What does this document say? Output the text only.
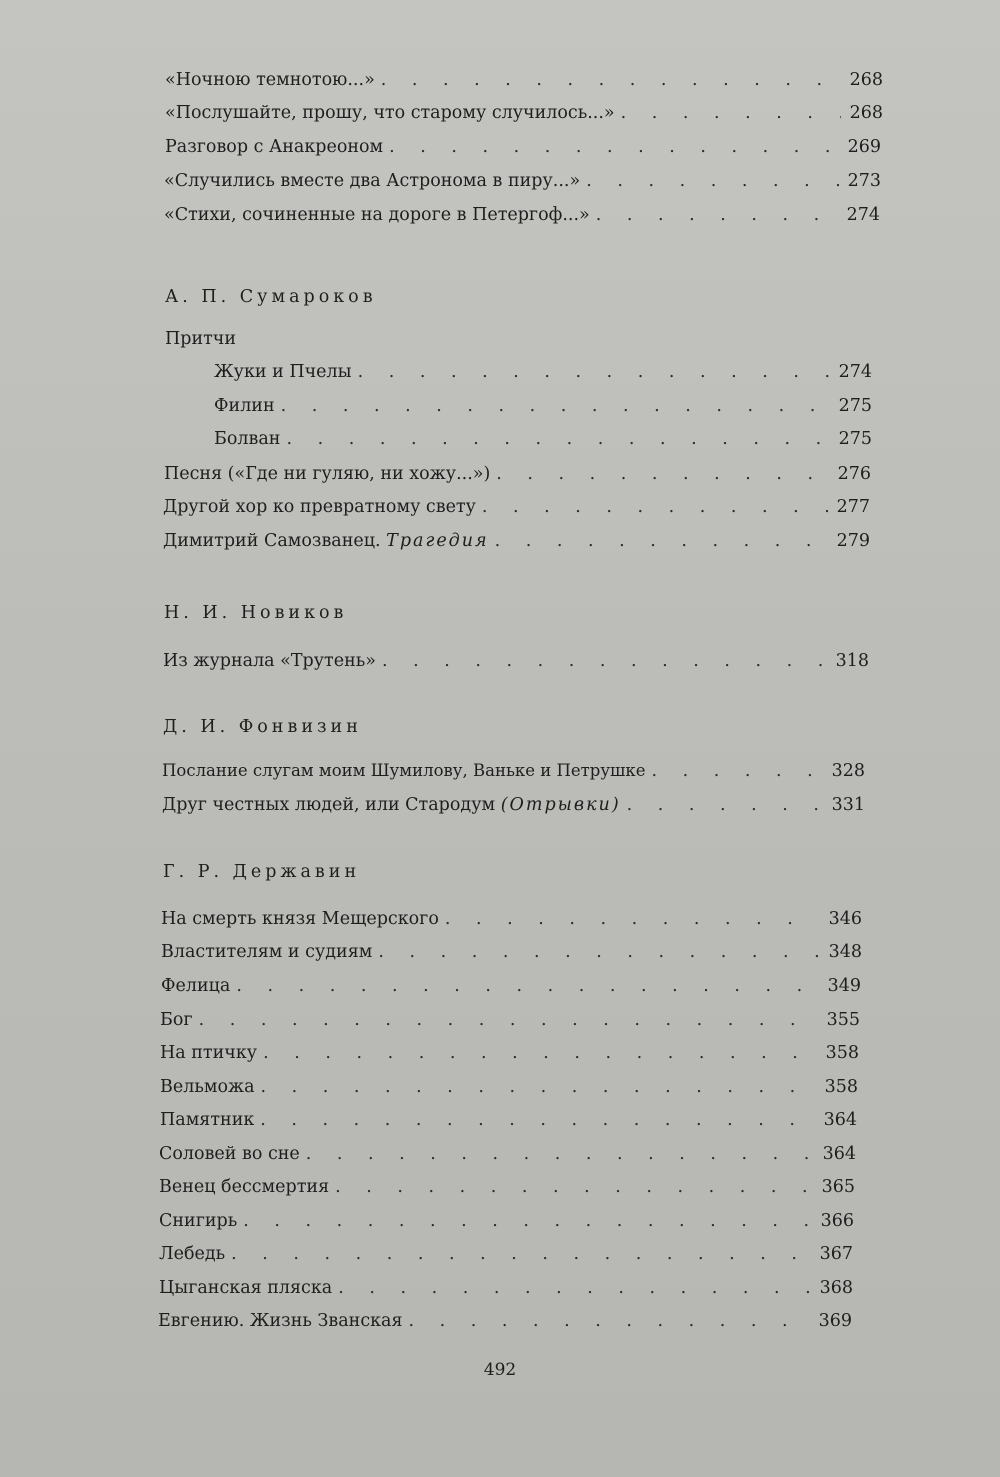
«Ночною темнотою...» . . .	268
«Послушайте, прошу, что старому случилось...» . . .	268
Разговор с Анакреоном . . .	269
«Случились вместе два Астронома в пиру...» . . .	273
«Стихи, сочиненные на дороге в Петергоф...» . . .	274
А. П. Сумароков
Притчи
Жуки и Пчелы . . .	274
Филин . . .	275
Болван . . .	275
Песня («Где ни гуляю, ни хожу...») . . .	276
Другой хор ко превратному свету . . .	277
Димитрий Самозванец. Трагедия . . .	279
Н. И. Новиков
Из журнала «Трутень» . . .	318
Д. И. Фонвизин
Послание слугам моим Шумилову, Ваньке и Петрушке . . .	328
Друг честных людей, или Стародум (Отрывки) . . .	331
Г. Р. Державин
На смерть князя Мещерского . . .	346
Властителям и судиям . . .	348
Фелица . . .	349
Бог . . .	355
На птичку . . .	358
Вельможа . . .	358
Памятник . . .	364
Соловей во сне . . .	364
Венец бессмертия . . .	365
Снигирь . . .	366
Лебедь . . .	367
Цыганская пляска . . .	368
Евгению. Жизнь Званская . . .	369
492
